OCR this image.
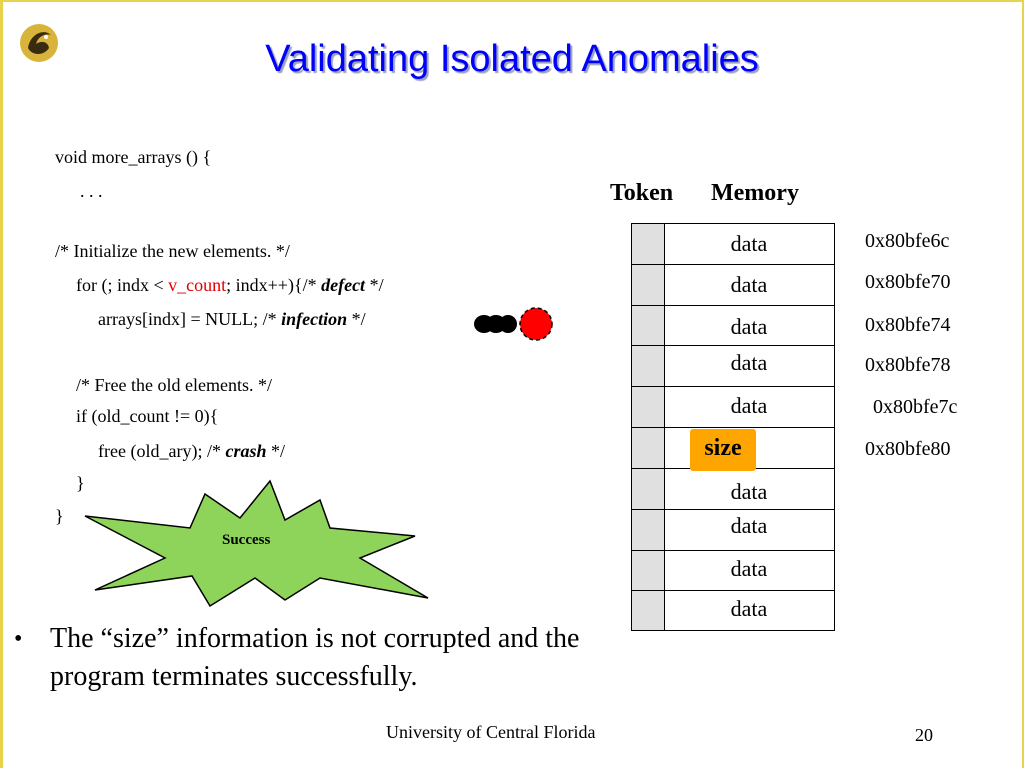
Validating Isolated Anomalies
void more_arrays () {
. . .
/* Initialize the new elements. */
for (; indx < v_count; indx++){/* defect */
arrays[indx] = NULL; /* infection */
/* Free the old elements. */
if (old_count != 0){
free (old_ary); /* crash */
}
}
Token Memory
data
data
data
data
data
data
data
data
data
size
0x80bfe6c
0x80bfe70
0x80bfe74
0x80bfe78
0x80bfe7c
0x80bfe80
Success
• The “size” information is not corrupted and the program terminates successfully.
University of Central Florida	20
